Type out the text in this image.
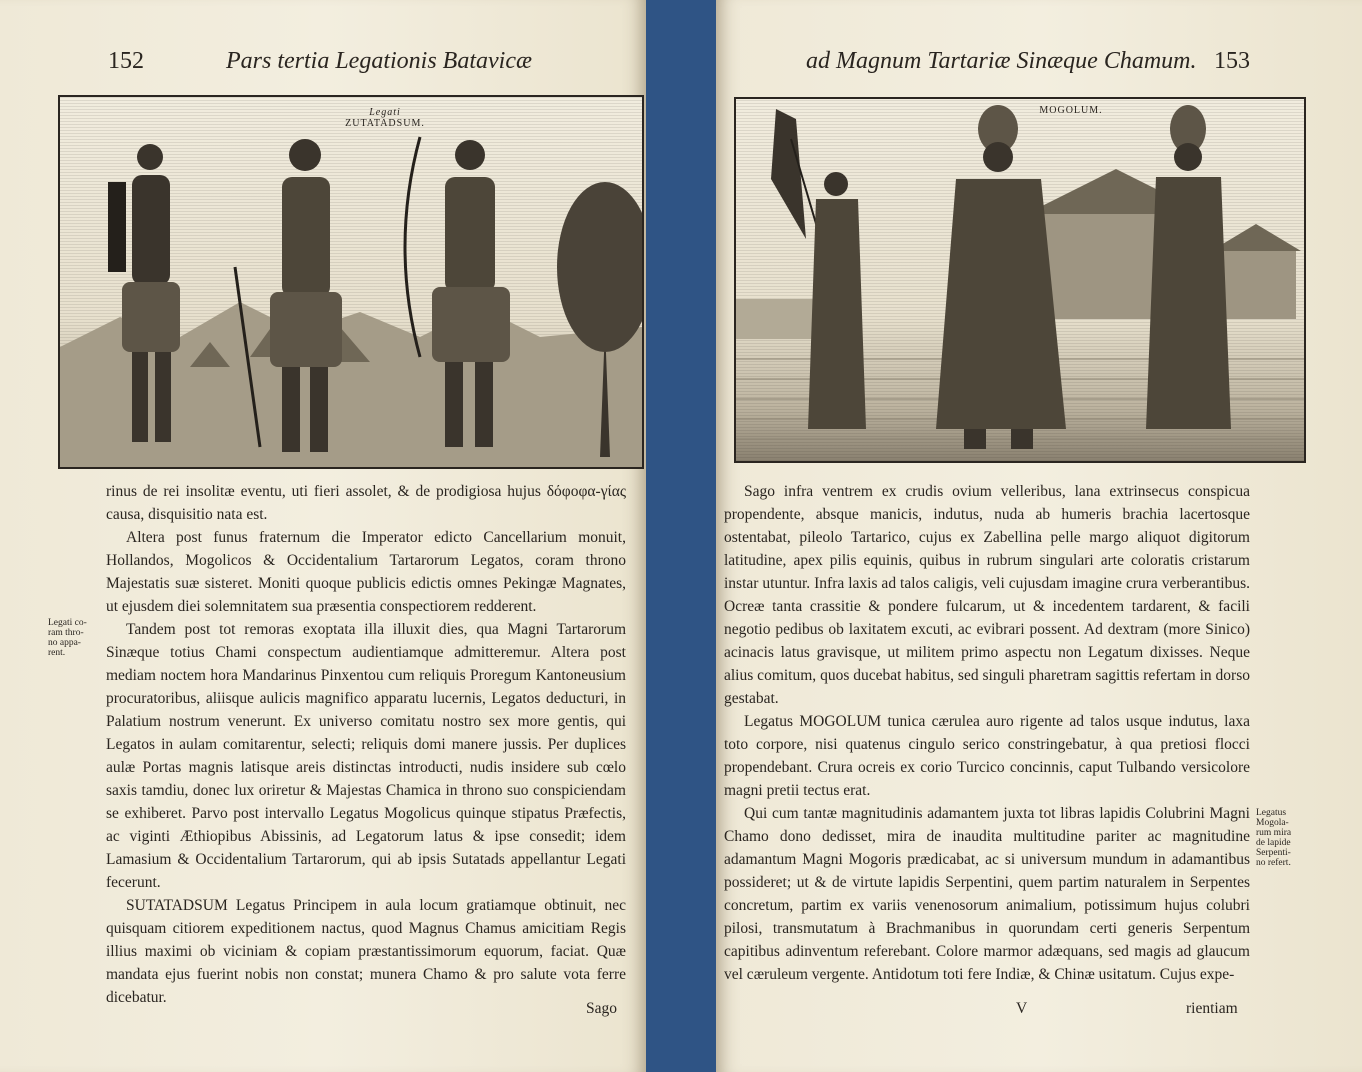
152	Pars tertia Legationis Batavicæ
Legati
ZUTATADSUM.

rinus de rei insolitæ eventu, uti fieri assolet, & de prodigiosa hujus δόφοφα-γίας causa, disquisitio nata est.

Altera post funus fraternum die Imperator edicto Cancellarium monuit, Hollandos, Mogolicos & Occidentalium Tartarorum Legatos, coram throno Majestatis suæ sisteret. Moniti quoque publicis edictis omnes Pekingæ Magnates, ut ejusdem diei solemnitatem sua præsentia conspectiorem redderent.

Tandem post tot remoras exoptata illa illuxit dies, qua Magni Tartarorum Sinæque totius Chami conspectum audientiamque admitteremur. Altera post mediam noctem hora Mandarinus Pinxentou cum reliquis Proregum Kantoneusium procuratoribus, aliisque aulicis magnifico apparatu lucernis, Legatos deducturi, in Palatium nostrum venerunt. Ex universo comitatu nostro sex more gentis, qui Legatos in aulam comitarentur, selecti; reliquis domi manere jussis. Per duplices aulæ Portas magnis latisque areis distinctas introducti, nudis insidere sub cœlo saxis tamdiu, donec lux oriretur & Majestas Chamica in throno suo conspiciendam se exhiberet. Parvo post intervallo Legatus Mogolicus quinque stipatus Præfectis, ac viginti Æthiopibus Abissinis, ad Legatorum latus & ipse consedit; idem Lamasium & Occidentalium Tartarorum, qui ab ipsis Sutatads appellantur Legati fecerunt.

SUTATADSUM Legatus Principem in aula locum gratiamque obtinuit, nec quisquam citiorem expeditionem nactus, quod Magnus Chamus amicitiam Regis illius maximi ob viciniam & copiam præstantissimorum equorum, faciat. Quæ mandata ejus fuerint nobis non constat; munera Chamo & pro salute vota ferre dicebatur.

Legati co-
ram thro-
no appa-
rent.
Sago
ad Magnum Tartariæ Sinæque Chamum. 153
MOGOLUM.

Sago infra ventrem ex crudis ovium velleribus, lana extrinsecus conspicua propendente, absque manicis, indutus, nuda ab humeris brachia lacertosque ostentabat, pileolo Tartarico, cujus ex Zabellina pelle margo aliquot digitorum latitudine, apex pilis equinis, quibus in rubrum singulari arte coloratis cristarum instar utuntur. Infra laxis ad talos caligis, veli cujusdam imagine crura verberantibus. Ocreæ tanta crassitie & pondere fulcarum, ut & incedentem tardarent, & facili negotio pedibus ob laxitatem excuti, ac evibrari possent. Ad dextram (more Sinico) acinacis latus gravisque, ut militem primo aspectu non Legatum dixisses. Neque alius comitum, quos ducebat habitus, sed singuli pharetram sagittis refertam in dorso gestabat.

Legatus MOGOLUM tunica cærulea auro rigente ad talos usque indutus, laxa toto corpore, nisi quatenus cingulo serico constringebatur, à qua pretiosi flocci propendebant. Crura ocreis ex corio Turcico concinnis, caput Tulbando versicolore magni pretii tectus erat.

Qui cum tantæ magnitudinis adamantem juxta tot libras lapidis Colubrini Magni Chamo dono dedisset, mira de inaudita multitudine pariter ac magnitudine adamantum Magni Mogoris prædicabat, ac si universum mundum in adamantibus possideret; ut & de virtute lapidis Serpentini, quem partim naturalem in Serpentes concretum, partim ex variis venenosorum animalium, potissimum hujus colubri pilosi, transmutatum à Brachmanibus in quorundam certi generis Serpentum capitibus adinventum referebant. Colore marmor adæquans, sed magis ad glaucum vel cæruleum vergente. Antidotum toti fere Indiæ, & Chinæ usitatum. Cujus expe-

Legatus
Mogola-
rum mira
de lapide
Serpenti-
no refert.
V	rientiam
